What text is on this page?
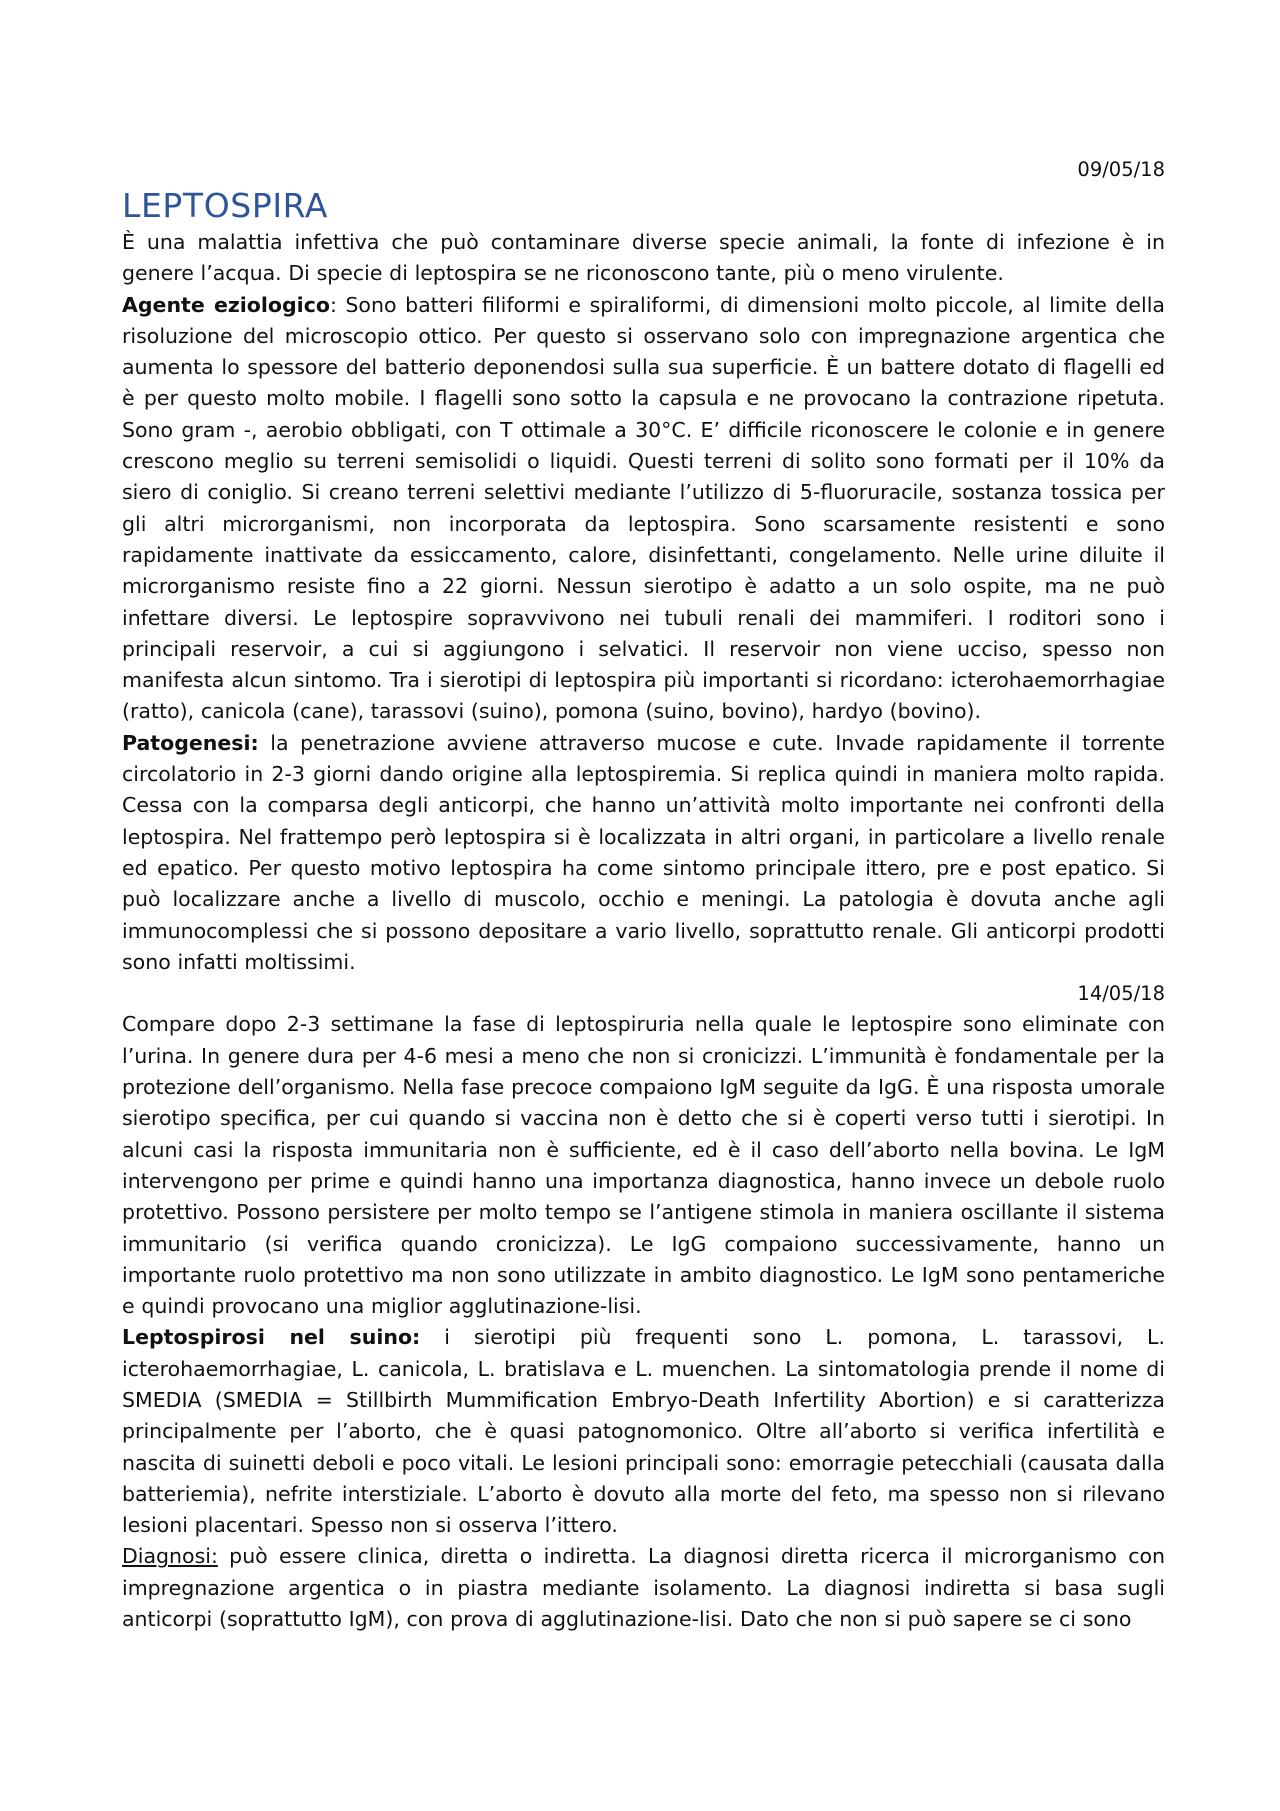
09/05/18
LEPTOSPIRA

È una malattia infettiva che può contaminare diverse specie animali, la fonte di infezione è in genere l’acqua. Di specie di leptospira se ne riconoscono tante, più o meno virulente.

Agente eziologico: Sono batteri filiformi e spiraliformi, di dimensioni molto piccole, al limite della risoluzione del microscopio ottico. Per questo si osservano solo con impregnazione argentica che aumenta lo spessore del batterio deponendosi sulla sua superficie. È un battere dotato di flagelli ed è per questo molto mobile. I flagelli sono sotto la capsula e ne provocano la contrazione ripetuta. Sono gram -, aerobio obbligati, con T ottimale a 30°C. E’ difficile riconoscere le colonie e in genere crescono meglio su terreni semisolidi o liquidi. Questi terreni di solito sono formati per il 10% da siero di coniglio. Si creano terreni selettivi mediante l’utilizzo di 5-fluoruracile, sostanza tossica per gli altri microrganismi, non incorporata da leptospira. Sono scarsamente resistenti e sono rapidamente inattivate da essiccamento, calore, disinfettanti, congelamento. Nelle urine diluite il microrganismo resiste fino a 22 giorni. Nessun sierotipo è adatto a un solo ospite, ma ne può infettare diversi. Le leptospire sopravvivono nei tubuli renali dei mammiferi. I roditori sono i principali reservoir, a cui si aggiungono i selvatici. Il reservoir non viene ucciso, spesso non manifesta alcun sintomo. Tra i sierotipi di leptospira più importanti si ricordano: icterohaemorrhagiae (ratto), canicola (cane), tarassovi (suino), pomona (suino, bovino), hardyo (bovino).

Patogenesi: la penetrazione avviene attraverso mucose e cute. Invade rapidamente il torrente circolatorio in 2-3 giorni dando origine alla leptospiremia. Si replica quindi in maniera molto rapida. Cessa con la comparsa degli anticorpi, che hanno un’attività molto importante nei confronti della leptospira. Nel frattempo però leptospira si è localizzata in altri organi, in particolare a livello renale ed epatico. Per questo motivo leptospira ha come sintomo principale ittero, pre e post epatico. Si può localizzare anche a livello di muscolo, occhio e meningi. La patologia è dovuta anche agli immunocomplessi che si possono depositare a vario livello, soprattutto renale. Gli anticorpi prodotti sono infatti moltissimi.

14/05/18

Compare dopo 2-3 settimane la fase di leptospiruria nella quale le leptospire sono eliminate con l’urina. In genere dura per 4-6 mesi a meno che non si cronicizzi. L’immunità è fondamentale per la protezione dell’organismo. Nella fase precoce compaiono IgM seguite da IgG. È una risposta umorale sierotipo specifica, per cui quando si vaccina non è detto che si è coperti verso tutti i sierotipi. In alcuni casi la risposta immunitaria non è sufficiente, ed è il caso dell’aborto nella bovina. Le IgM intervengono per prime e quindi hanno una importanza diagnostica, hanno invece un debole ruolo protettivo. Possono persistere per molto tempo se l’antigene stimola in maniera oscillante il sistema immunitario (si verifica quando cronicizza). Le IgG compaiono successivamente, hanno un importante ruolo protettivo ma non sono utilizzate in ambito diagnostico. Le IgM sono pentameriche e quindi provocano una miglior agglutinazione-lisi.

Leptospirosi nel suino: i sierotipi più frequenti sono L. pomona, L. tarassovi, L. icterohaemorrhagiae, L. canicola, L. bratislava e L. muenchen. La sintomatologia prende il nome di SMEDIA (SMEDIA = Stillbirth Mummification Embryo-Death Infertility Abortion) e si caratterizza principalmente per l’aborto, che è quasi patognomonico. Oltre all’aborto si verifica infertilità e nascita di suinetti deboli e poco vitali. Le lesioni principali sono: emorragie petecchiali (causata dalla batteriemia), nefrite interstiziale. L’aborto è dovuto alla morte del feto, ma spesso non si rilevano lesioni placentari. Spesso non si osserva l’ittero.

Diagnosi: può essere clinica, diretta o indiretta. La diagnosi diretta ricerca il microrganismo con impregnazione argentica o in piastra mediante isolamento. La diagnosi indiretta si basa sugli anticorpi (soprattutto IgM), con prova di agglutinazione-lisi. Dato che non si può sapere se ci sono
